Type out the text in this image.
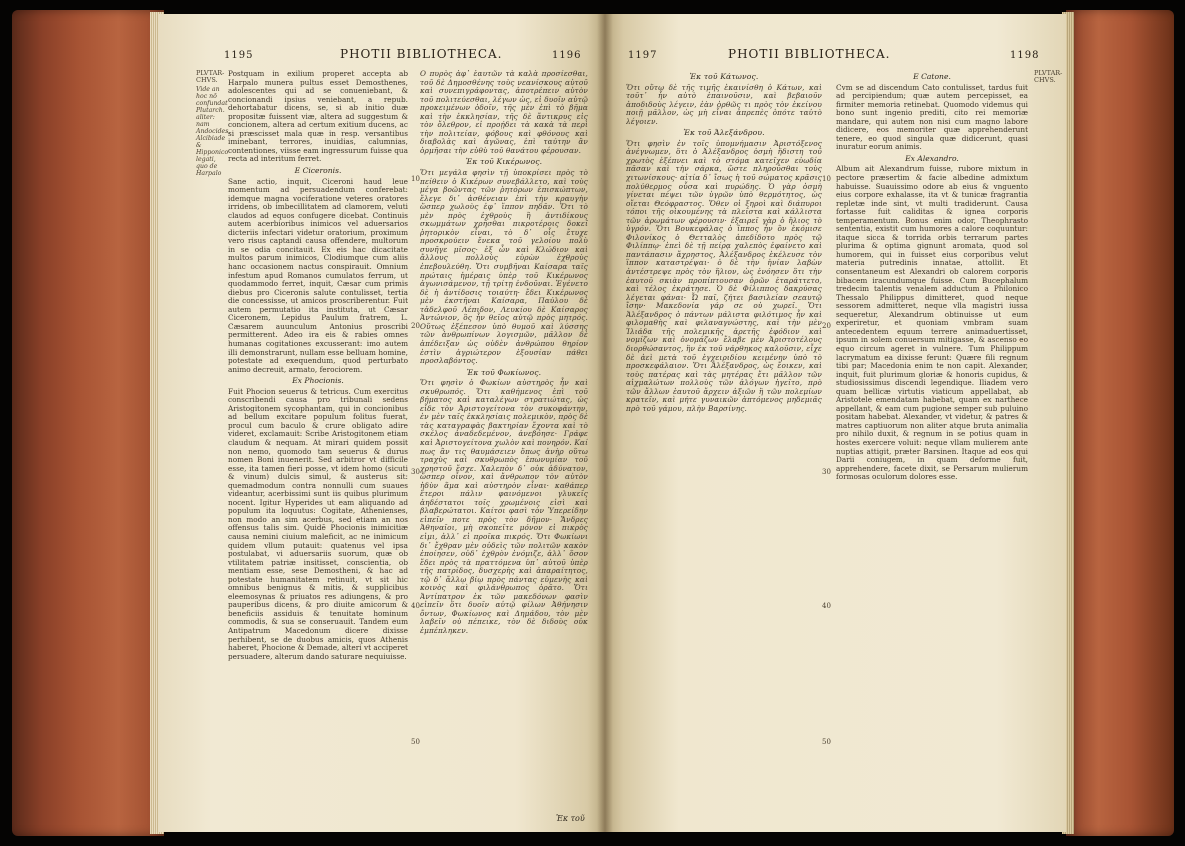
1195	PHOTII BIBLIOTHECA.	1196	1197	PHOTII BIBLIOTHECA.	1198
PLVTAR-CHVS.
Vide an hoc nō confundat Plutarch. aliter: nam Andocides, Alcibiade & Hipponico legati, quo de Harpalo
PLVTAR-CHVS.
10
20
30
40
50
10
20
30
40
50

Postquam in exilium properet accepta ab Harpalo munera pultus esset Demosthenes, adolescentes qui ad se conueniebant, & concionandi ipsius veniebant, a repub. dehortabatur dicens, se, si ab initio duæ propositæ fuissent viæ, altera ad suggestum & concionem, altera ad certum exitium ducens, ac si præscisset mala quæ in resp. versantibus iminebant, terrores, inuidias, calumnias, contentiones, viisse eam ingressurum fuisse qua recta ad interitum ferret.

E Ciceronis.

Sane actio, inquit, Ciceroni haud leue momentum ad persuadendum conferebat: idemque magna vociferatione veteres oratores irridens, ob imbecillitatem ad clamorem, veluti claudos ad equos confugere dicebat. Continuis autem acerbioribus inimicos vel aduersarios dicteriis infectari videtur oratorium, proximum vero risus captandi causa offendere, multorum in se odia concitauit. Ex eis hac dicacitate multos parum inimicos, Clodiumque cum aliis hanc occasionem nactus conspirauit. Omnium infestum apud Romanos cumulatos ferrum, ut quodammodo ferret, inquit, Cæsar cum primis diebus pro Ciceronis salute contulisset, tertia die concessisse, ut amicos proscriberentur. Fuit autem permutatio ita instituta, ut Cæsar Ciceronem, Lepidus Paulum fratrem, L. Cæsarem auunculum Antonius proscribi permitterent. Adeo ira eis & rabies omnes humanas cogitationes excusserant: imo autem illi demonstrarunt, nullam esse belluam homine, potestate ad exequendum, quod perturbato animo decreuit, armato, ferociorem.

Ex Phocionis.

Fuit Phocion seuerus & tetricus. Cum exercitus conscribendi causa pro tribunali sedens Aristogitonem sycophantam, qui in concionibus ad bellum excitare populum folitus fuerat, procul cum baculo & crure obligato adire videret, exclamauit: Scribe Aristogitonem etiam claudum & nequam. At mirari quidem possit non nemo, quomodo tam seuerus & durus nomen Boni inuenerit. Sed arbitror vt difficile esse, ita tamen fieri posse, vt idem homo (sicuti & vinum) dulcis simul, & austerus sit: quemadmodum contra nonnulli cum suaues videantur, acerbissimi sunt iis quibus plurimum nocent. Igitur Hyperides ut eam aliquando ad populum ita loquutus: Cogitate, Athenienses, non modo an sim acerbus, sed etiam an nos offensus talis sim. Quidē Phocionis inimicitiæ causa nemini ciuium maleficit, ac ne inimicum quidem vllum putauit: quatenus vel ipsa postulabat, vi aduersariis suorum, quæ ob vtilitatem patriæ insitisset, conscientia, ob mentiam esse, sese Demostheni, & hac ad potestate humanitatem retinuit, vt sit hic omnibus benignus & mitis, & supplicibus eleemosynas & priuatos res adiungens, & pro pauperibus dicens, & pro diuite amicorum & beneficiis assiduis & tenuitate hominum commodis, & sua se conseruauit. Tandem eum Antipatrum Macedonum dicere dixisse perhibent, se de duobus amicis, quos Athenis haberet, Phocione & Demade, alteri vt acciperet persuadere, alterum dando saturare nequiuisse.

Ο πυρὸς ἀφ᾽ ἑαυτῶν τὰ καλὰ προσίεσθαι, τοῦ δὲ Δημοσθένης τοὺς νεανίσκους αὐτοῦ καὶ συνεπιγράφοντας, ἀποτρέπειν αὐτὸν τοῦ πολιτεύεσθαι, λέγων ὡς, εἰ δυοῖν αὐτῷ προκειμένων ὁδοῖν, τῆς μὲν ἐπὶ τὸ βῆμα καὶ τὴν ἐκκλησίαν, τῆς δὲ ἄντικρυς εἰς τὸν ὄλεθρον, εἰ προῄδει τὰ κακὰ τὰ περὶ τὴν πολιτείαν, φόβους καὶ φθόνους καὶ διαβολὰς καὶ ἀγῶνας, ἐπὶ ταύτην ἂν ὁρμῆσαι τὴν εὐθὺ τοῦ θανάτου φέρουσαν.

Ἐκ τοῦ Κικέρωνος.

Ὅτι μεγάλα φησὶν τῇ ὑποκρίσει πρὸς τὸ πείθειν ὁ Κικέρων συνεβάλλετο, καὶ τοὺς μέγα βοῶντας τῶν ῥητόρων ἐπισκώπτων, ἔλεγε δι᾽ ἀσθένειαν ἐπὶ τὴν κραυγὴν ὥσπερ χωλοὺς ἐφ᾽ ἵππον πηδᾶν. Ὅτι τὸ μὲν πρὸς ἐχθροὺς ἢ ἀντιδίκους σκωμμάτων χρῆσθαι πικροτέροις δοκεῖ ῥητορικὸν εἶναι, τὸ δ᾽ οἷς ἔτυχε προσκρούειν ἕνεκα τοῦ γελοίου πολὺ συνῆγε μῖσος· ἐξ ὧν καὶ Κλώδιον καὶ ἄλλους πολλοὺς εὑρὼν ἐχθροὺς ἐπεβουλεύθη. Ὅτι συμβῆναι Καίσαρα ταῖς πρώταις ἡμέραις ὑπὲρ τοῦ Κικέρωνος ἀγωνισάμενον, τῇ τρίτῃ ἐνδοῦναι. Ἐγένετο δὲ ἡ ἀντίδοσις τοιαύτη· ἔδει Κικέρωνος μὲν ἐκστῆναι Καίσαρα, Παύλου δὲ τἀδελφοῦ Λέπιδον, Λευκίου δὲ Καίσαρος Ἀντώνιον, ὃς ἦν θεῖος αὐτῷ πρὸς μητρός. Οὕτως ἐξέπεσον ὑπὸ θυμοῦ καὶ λύσσης τῶν ἀνθρωπίνων λογισμῶν, μᾶλλον δὲ ἀπέδειξαν ὡς οὐδὲν ἀνθρώπου θηρίον ἐστὶν ἀγριώτερον ἐξουσίαν πάθει προσλαβόντος.

Ἐκ τοῦ Φωκίωνος.

Ὅτι φησὶν ὁ Φωκίων αὐστηρὸς ἦν καὶ σκυθρωπός. Ὅτι καθήμενος ἐπὶ τοῦ βήματος καὶ καταλέγων στρατιώτας, ὡς εἶδε τὸν Ἀριστογείτονα τὸν συκοφάντην, ἐν μὲν ταῖς ἐκκλησίαις πολεμικὸν, πρὸς δὲ τὰς καταγραφὰς βακτηρίαν ἔχοντα καὶ τὸ σκέλος ἀναδεδεμένον, ἀνεβόησε· Γράφε καὶ Ἀριστογείτονα χωλὸν καὶ πονηρόν. Καί πως ἂν τις θαυμάσειεν ὅπως ἀνὴρ οὕτω τραχὺς καὶ σκυθρωπὸς ἐπωνυμίαν τοῦ χρηστοῦ ἔσχε. Χαλεπὸν δ᾽ οὐκ ἀδύνατον, ὥσπερ οἶνον, καὶ ἄνθρωπον τὸν αὐτὸν ἡδὺν ἅμα καὶ αὐστηρὸν εἶναι· καθάπερ ἕτεροι πάλιν φαινόμενοι γλυκεῖς ἀηδέστατοι τοῖς χρωμένοις εἰσὶ καὶ βλαβερώτατοι. Καίτοι φασὶ τὸν Ὑπερείδην εἰπεῖν ποτε πρὸς τὸν δῆμον· Ἄνδρες Ἀθηναῖοι, μὴ σκοπεῖτε μόνον εἰ πικρὸς εἰμι, ἀλλ᾽ εἰ προῖκα πικρός. Ὅτι Φωκίωνι δι᾽ ἔχθραν μὲν οὐδεὶς τῶν πολιτῶν κακὸν ἐποίησεν, οὐδ᾽ ἐχθρὸν ἐνόμιζε, ἀλλ᾽ ὅσον ἔδει πρὸς τὰ πραττόμενα ὑπ᾽ αὐτοῦ ὑπὲρ τῆς πατρίδος, δυσχερὴς καὶ ἀπαραίτητος, τῷ δ᾽ ἄλλῳ βίῳ πρὸς πάντας εὐμενὴς καὶ κοινὸς καὶ φιλάνθρωπος ὁρᾶτο. Ὅτι Ἀντίπατρον ἐκ τῶν μακεδόνων φασὶν εἰπεῖν ὅτι δυοῖν αὐτῷ φίλων Ἀθήνησιν ὄντων, Φωκίωνος καὶ Δημάδου, τὸν μὲν λαβεῖν οὐ πέπεικε, τὸν δὲ διδοὺς οὐκ ἐμπέπληκεν.

Ἐκ τοῦ
Ἐκ τοῦ Κάτωνος.

Ὅτι οὕτω δὲ τῆς τιμῆς ἐκαινίσθη ὁ Κάτων, καὶ τοῦτ᾽ ἦν αὐτὸ ἐπαινοῦσιν, καὶ βεβαιοῦν ἀποδιδοὺς λέγειν, ἐὰν ὀρθῶς τι πρὸς τὸν ἐκείνου ποιῇ μᾶλλον, ὡς μὴ εἶναι ἀπρεπὲς ὁπότε ταὐτὸ λέγοιεν.

Ἐκ τοῦ Ἀλεξάνδρου.

Ὅτι φησὶν ἐν τοῖς ὑπομνήμασιν Ἀριστόξενος ἀνέγνωμεν, ὅτι ὁ Ἀλέξανδρος ὀσμὴ ἥδιστη τοῦ χρωτὸς ἐξέπνει καὶ τὸ στόμα κατεῖχεν εὐωδία πᾶσαν καὶ τὴν σάρκα, ὥστε πληροῦσθαι τοὺς χιτωνίσκους· αἰτία δ᾽ ἴσως ἡ τοῦ σώματος κρᾶσις πολύθερμος οὖσα καὶ πυρώδης. Ὁ γὰρ ὁσμὴ γίνεται πέψει τῶν ὑγρῶν ὑπὸ θερμότητος, ὡς οἴεται Θεόφραστος. Ὅθεν οἱ ξηροὶ καὶ διάπυροι τόποι τῆς οἰκουμένης τὰ πλεῖστα καὶ κάλλιστα τῶν ἀρωμάτων φέρουσιν· ἐξαιρεῖ γὰρ ὁ ἥλιος τὸ ὑγρόν. Ὅτι Βουκεφάλας ὁ ἵππος ἦν ὃν ἐκόμισε Φιλονίκος ὁ Θετταλὸς ἀπεδίδοτο πρὸς τῷ Φιλίππῳ· ἐπεὶ δὲ τῇ πείρᾳ χαλεπὸς ἐφαίνετο καὶ παντάπασιν ἄχρηστος, Ἀλέξανδρος ἐκέλευσε τὸν ἵππον καταστρέψαι· ὁ δὲ τὴν ἡνίαν λαβὼν ἀντέστρεψε πρὸς τὸν ἥλιον, ὡς ἐνόησεν ὅτι τὴν ἑαυτοῦ σκιὰν προπίπτουσαν ὁρῶν ἐταράττετο, καὶ τέλος ἐκράτησε. Ὁ δὲ Φίλιππος δακρύσας λέγεται φάναι· Ὦ παῖ, ζήτει βασιλείαν σεαυτῷ ἴσην· Μακεδονία γάρ σε οὐ χωρεῖ. Ὅτι Ἀλέξανδρος ὁ πάντων μάλιστα φιλότιμος ἦν καὶ φιλομαθὴς καὶ φιλαναγνώστης, καὶ τὴν μὲν Ἰλιάδα τῆς πολεμικῆς ἀρετῆς ἐφόδιον καὶ νομίζων καὶ ὀνομάζων ἔλαβε μὲν Ἀριστοτέλους διορθώσαντος, ἣν ἐκ τοῦ νάρθηκος καλοῦσιν, εἶχε δὲ ἀεὶ μετὰ τοῦ ἐγχειριδίου κειμένην ὑπὸ τὸ προσκεφάλαιον. Ὅτι Ἀλέξανδρος, ὡς ἔοικεν, καὶ τοὺς πατέρας καὶ τὰς μητέρας ἔτι μᾶλλον τῶν αἰχμαλώτων πολλοὺς τῶν ἀλόγων ἡγεῖτο, πρὸ τῶν ἄλλων ἑαυτοῦ ἄρχειν ἀξιῶν ἢ τῶν πολεμίων κρατεῖν, καὶ μήτε γυναικῶν ἁπτόμενος μηδεμιᾶς πρὸ τοῦ γάμου, πλὴν Βαρσίνης.

E Catone.

Cvm se ad discendum Cato contulisset, tardus fuit ad percipiendum; quæ autem percepisset, ea firmiter memoria retinebat. Quomodo videmus qui bono sunt ingenio prediti, cito rei memoriæ mandare, qui autem non nisi cum magno labore didicere, eos memoriter quæ apprehenderunt tenere, eo quod singula quæ didicerunt, quasi inuratur eorum animis.

Ex Alexandro.

Album ait Alexandrum fuisse, rubore mixtum in pectore præsertim & facie albedine admixtum habuisse. Suauissimo odore ab eius & vnguento eius corpore exhalasse, ita vt & tunicæ fragrantia repletæ inde sint, vt multi tradiderunt. Causa fortasse fuit caliditas & ignea corporis temperamentum. Bonus enim odor, Theophrasto sententia, existit cum humores a calore coquuntur: itaque sicca & torrida orbis terrarum partes plurima & optima gignunt aromata, quod sol humorem, qui in fuisset eius corporibus velut materia putredinis innatae, attollit. Et consentaneum est Alexandri ob calorem corporis bibacem iracundumque fuisse. Cum Bucephalum tredecim talentis venalem adductum a Philonico Thessalo Philippus dimitteret, quod neque sessorem admitteret, neque vlla magistri iussa sequeretur, Alexandrum obtinuisse ut eum experiretur, et quoniam vmbram suam antecedentem equum terrere animaduertisset, ipsum in solem conuersum mitigasse, & ascenso eo equo circum ageret in vulnere. Tum Philippum lacrymatum ea dixisse ferunt: Quære fili regnum tibi par; Macedonia enim te non capit. Alexander, inquit, fuit plurimum gloriæ & honoris cupidus, & studiosissimus discendi legendique. Iliadem vero quam bellicæ virtutis viaticum appellabat, ab Aristotele emendatam habebat, quam ex narthece appellant, & eam cum pugione semper sub puluino positam habebat. Alexander, vt videtur, & patres & matres captiuorum non aliter atque bruta animalia pro nihilo duxit, & regnum in se potius quam in hostes exercere voluit: neque vllam mulierem ante nuptias attigit, præter Barsinen. Itaque ad eos qui Darii coniugem, in quam deforme fuit, apprehendere, facete dixit, se Persarum mulierum formosas oculorum dolores esse.
